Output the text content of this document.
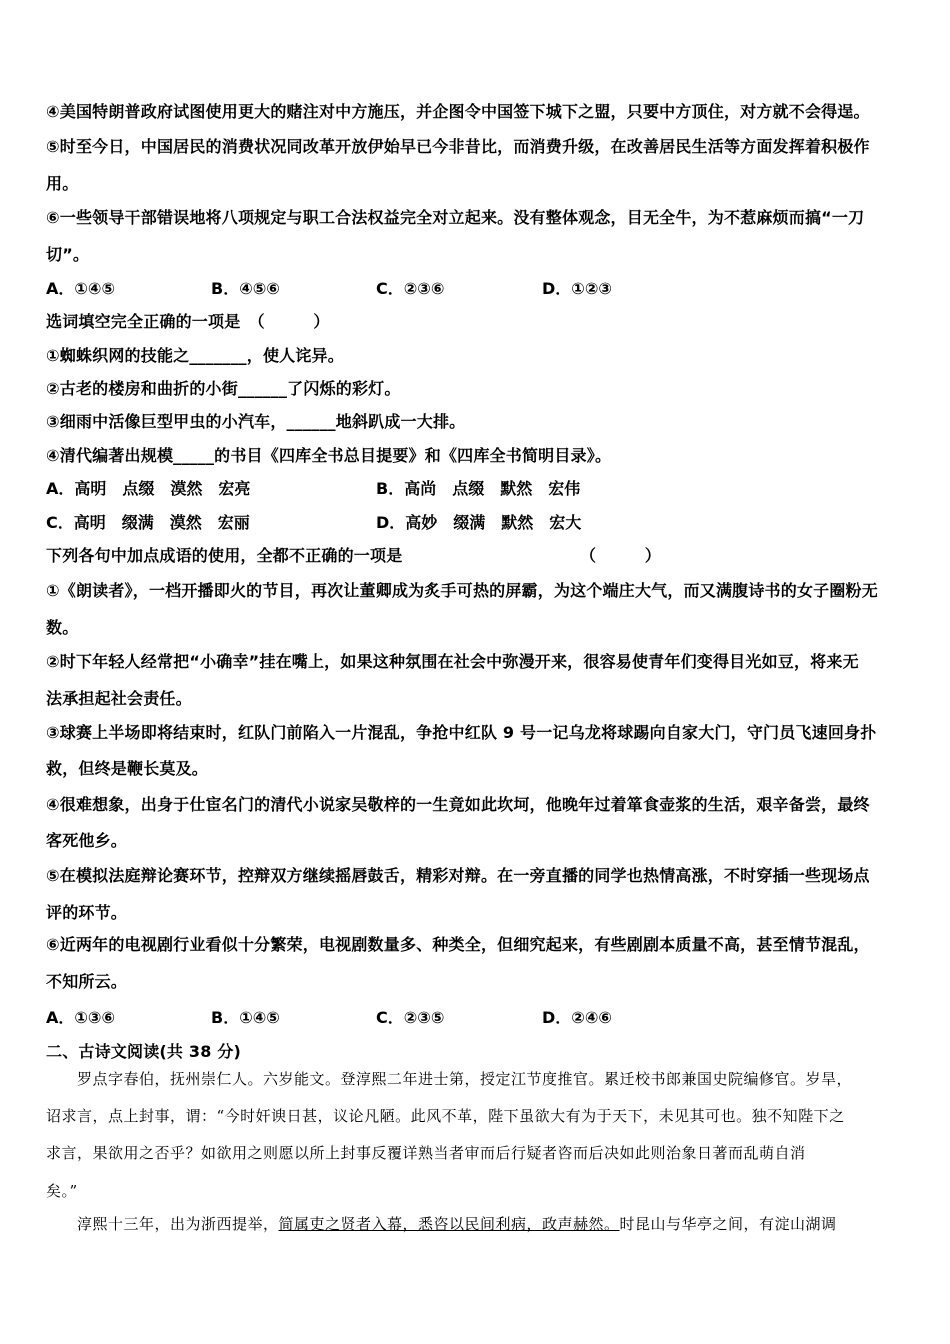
④美国特朗普政府试图使用更大的赌注对中方施压，并企图令中国签下城下之盟，只要中方顶住，对方就不会得逞。
⑤时至今日，中国居民的消费状况同改革开放伊始早已今非昔比，而消费升级，在改善居民生活等方面发挥着积极作
用。
⑥一些领导干部错误地将八项规定与职工合法权益完全对立起来。没有整体观念，目无全牛，为不惹麻烦而搞“一刀
切”。
A．①④⑤	B．④⑤⑥	C．②③⑥	D．①②③
选词填空完全正确的一项是　（　　　）
①蜘蛛织网的技能之_______，使人诧异。
②古老的楼房和曲折的小街______了闪烁的彩灯。
③细雨中活像巨型甲虫的小汽车，______地斜趴成一大排。
④清代编著出规模_____的书目《四库全书总目提要》和《四库全书简明目录》。
A．高明　点缀　漠然　宏亮	B．高尚　点缀　默然　宏伟
C．高明　缀满　漠然　宏丽	D．高妙　缀满　默然　宏大
下列各句中加点成语的使用，全都不正确的一项是	（　　　）
①《朗读者》，一档开播即火的节目，再次让董卿成为炙手可热的屏霸，为这个端庄大气，而又满腹诗书的女子圈粉无
数。
②时下年轻人经常把“小确幸”挂在嘴上，如果这种氛围在社会中弥漫开来，很容易使青年们变得目光如豆，将来无
法承担起社会责任。
③球赛上半场即将结束时，红队门前陷入一片混乱，争抢中红队 9 号一记乌龙将球踢向自家大门，守门员飞速回身扑
救，但终是鞭长莫及。
④很难想象，出身于仕宦名门的清代小说家吴敬梓的一生竟如此坎坷，他晚年过着箪食壶浆的生活，艰辛备尝，最终
客死他乡。
⑤在模拟法庭辩论赛环节，控辩双方继续摇唇鼓舌，精彩对辩。在一旁直播的同学也热情高涨，不时穿插一些现场点
评的环节。
⑥近两年的电视剧行业看似十分繁荣，电视剧数量多、种类全，但细究起来，有些剧剧本质量不高，甚至情节混乱，
不知所云。
A．①③⑥	B．①④⑤	C．②③⑤	D．②④⑥
二、古诗文阅读(共 38 分)
　　罗点字春伯，抚州崇仁人。六岁能文。登淳熙二年进士第，授定江节度推官。累迁校书郎兼国史院编修官。岁旱，
诏求言，点上封事，谓：“今时奸谀日甚，议论凡陋。此风不革，陛下虽欲大有为于天下，未见其可也。独不知陛下之
求言，果欲用之否乎？如欲用之则愿以所上封事反覆详熟当者审而后行疑者咨而后决如此则治象日著而乱萌自消
矣。”
　　淳熙十三年，出为浙西提举，简属吏之贤者入幕，悉咨以民间利病，政声赫然。时昆山与华亭之间，有淀山湖调
